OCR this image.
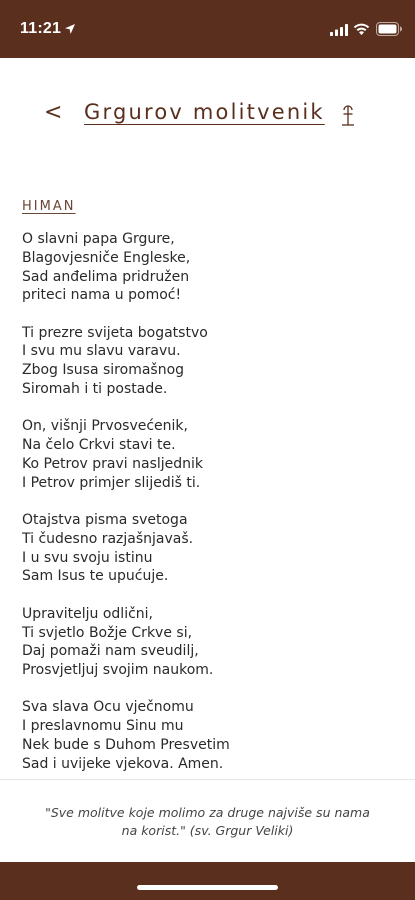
11:21
< Grgurov molitvenik
HIMAN
O slavni papa Grgure,
Blagovjesniče Engleske,
Sad anđelima pridružen
priteci nama u pomoć!
Ti prezre svijeta bogatstvo
I svu mu slavu varavu.
Zbog Isusa siromašnog
Siromah i ti postade.
On, višnji Prvosvećenik,
Na čelo Crkvi stavi te.
Ko Petrov pravi nasljednik
I Petrov primjer slijediš ti.
Otajstva pisma svetoga
Ti čudesno razjašnjavaš.
I u svu svoju istinu
Sam Isus te upućuje.
Upravitelju odlični,
Ti svjetlo Božje Crkve si,
Daj pomaži nam sveudilj,
Prosvjetljuj svojim naukom.
Sva slava Ocu vječnomu
I preslavnomu Sinu mu
Nek bude s Duhom Presvetim
Sad i uvijeke vjekova. Amen.
"Sve molitve koje molimo za druge najviše su nama
na korist." (sv. Grgur Veliki)
